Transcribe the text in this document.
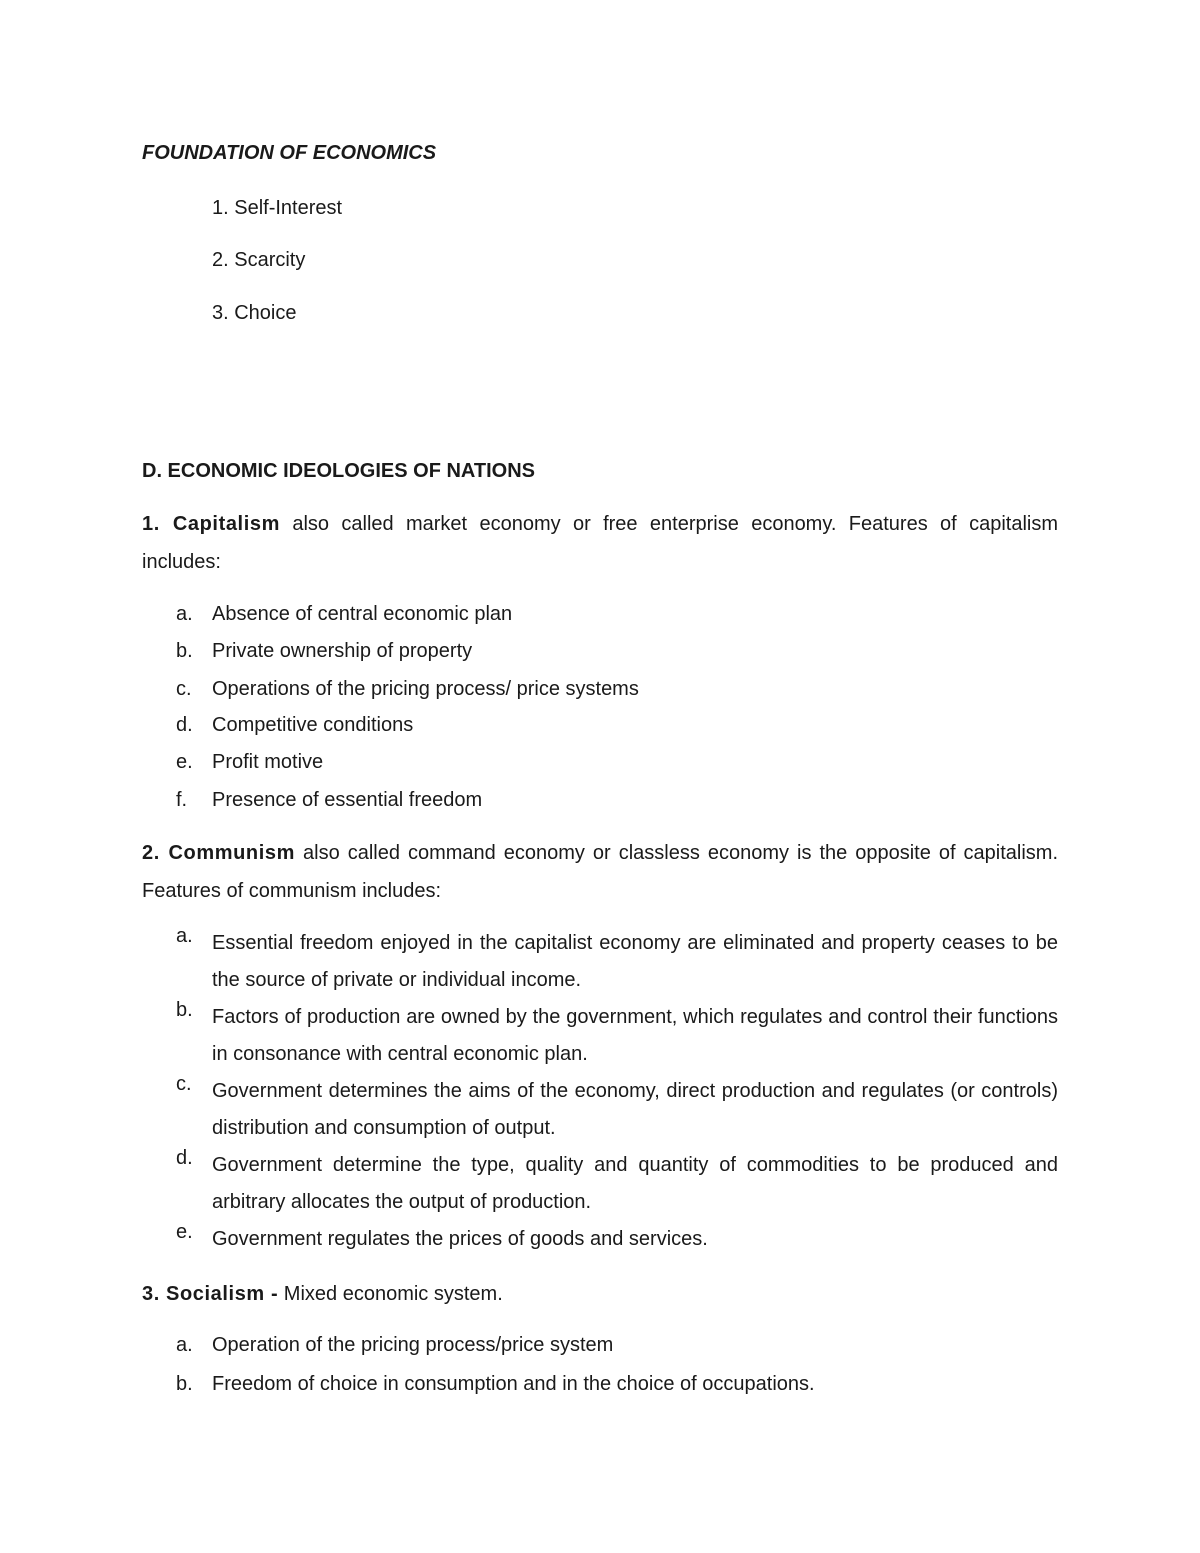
FOUNDATION OF ECONOMICS
1. Self-Interest
2. Scarcity
3. Choice
D. ECONOMIC IDEOLOGIES OF NATIONS
1. Capitalism also called market economy or free enterprise economy. Features of capitalism includes:
a. Absence of central economic plan
b. Private ownership of property
c.	Operations of the pricing process/ price systems
d. Competitive conditions
e. Profit motive
f.	Presence of essential freedom
2. Communism also called command economy or classless economy is the opposite of capitalism. Features of communism includes:
a. Essential freedom enjoyed in the capitalist economy are eliminated and property ceases to be the source of private or individual income.
b. Factors of production are owned by the government, which regulates and control their functions in consonance with central economic plan.
c.	Government determines the aims of the economy, direct production and regulates (or controls) distribution and consumption of output.
d. Government determine the type, quality and quantity of commodities to be produced and arbitrary allocates the output of production.
e. Government regulates the prices of goods and services.
3. Socialism - Mixed economic system.
a. Operation of the pricing process/price system
b. Freedom of choice in consumption and in the choice of occupations.
